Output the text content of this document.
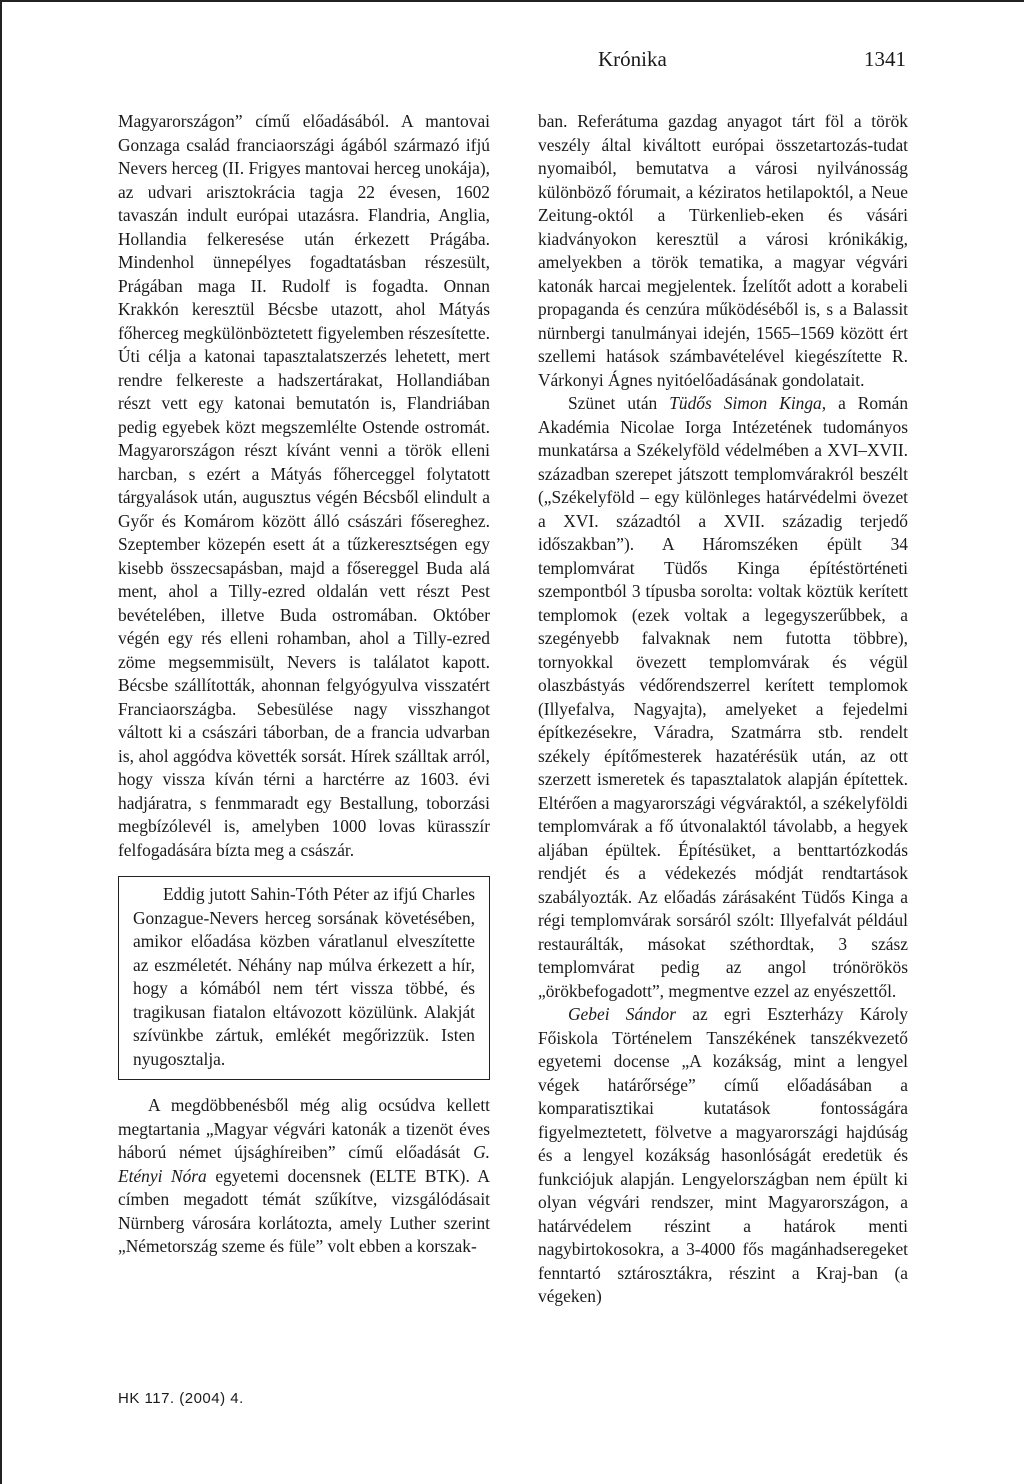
Krónika	1341

Magyarországon” című előadásából. A mantovai Gonzaga család franciaországi ágából származó ifjú Nevers herceg (II. Frigyes mantovai herceg unokája), az udvari arisztokrácia tagja 22 évesen, 1602 tavaszán indult európai utazásra. Flandria, Anglia, Hollandia felkeresése után érkezett Prágába. Mindenhol ünnepélyes fogadtatásban részesült, Prágában maga II. Rudolf is fogadta. Onnan Krakkón keresztül Bécsbe utazott, ahol Mátyás főherceg megkülönböztetett figyelemben részesítette. Úti célja a katonai tapasztalatszerzés lehetett, mert rendre felkereste a hadszertárakat, Hollandiában részt vett egy katonai bemutatón is, Flandriában pedig egyebek közt megszemlélte Ostende ostromát. Magyarországon részt kívánt venni a török elleni harcban, s ezért a Mátyás főherceggel folytatott tárgyalások után, augusztus végén Bécsből elindult a Győr és Komárom között álló császári fősereghez. Szeptember közepén esett át a tűzkeresztségen egy kisebb összecsapásban, majd a fősereggel Buda alá ment, ahol a Tilly-ezred oldalán vett részt Pest bevételében, illetve Buda ostromában. Október végén egy rés elleni rohamban, ahol a Tilly-ezred zöme megsemmisült, Nevers is találatot kapott. Bécsbe szállították, ahonnan felgyógyulva visszatért Franciaországba. Sebesülése nagy visszhangot váltott ki a császári táborban, de a francia udvarban is, ahol aggódva követték sorsát. Hírek szálltak arról, hogy vissza kíván térni a harctérre az 1603. évi hadjáratra, s fenmmaradt egy Bestallung, toborzási megbízólevél is, amelyben 1000 lovas kürasszír felfogadására bízta meg a császár.

Eddig jutott Sahin-Tóth Péter az ifjú Charles Gonzague-Nevers herceg sorsának követésében, amikor előadása közben váratlanul elveszítette az eszméletét. Néhány nap múlva érkezett a hír, hogy a kómából nem tért vissza többé, és tragikusan fiatalon eltávozott közülünk. Alakját szívünkbe zártuk, emlékét megőrizzük. Isten nyugosztalja.

A megdöbbenésből még alig ocsúdva kellett megtartania „Magyar végvári katonák a tizenöt éves háború német újsághíreiben” című előadását G. Etényi Nóra egyetemi docensnek (ELTE BTK). A címben megadott témát szűkítve, vizsgálódásait Nürnberg városára korlátozta, amely Luther szerint „Németország szeme és füle” volt ebben a korszak-

ban. Referátuma gazdag anyagot tárt föl a török veszély által kiváltott európai összetartozás-tudat nyomaiból, bemutatva a városi nyilvánosság különböző fórumait, a kéziratos hetilapoktól, a Neue Zeitung-októl a Türkenlieb-eken és vásári kiadványokon keresztül a városi krónikákig, amelyekben a török tematika, a magyar végvári katonák harcai megjelentek. Ízelítőt adott a korabeli propaganda és cenzúra működéséből is, s a Balassit nürnbergi tanulmányai idején, 1565–1569 között ért szellemi hatások számbavételével kiegészítette R. Várkonyi Ágnes nyitóelőadásának gondolatait.

Szünet után Tüdős Simon Kinga, a Román Akadémia Nicolae Iorga Intézetének tudományos munkatársa a Székelyföld védelmében a XVI–XVII. században szerepet játszott templomvárakról beszélt („Székelyföld – egy különleges határvédelmi övezet a XVI. századtól a XVII. századig terjedő időszakban”). A Háromszéken épült 34 templomvárat Tüdős Kinga építéstörténeti szempontból 3 típusba sorolta: voltak köztük kerített templomok (ezek voltak a legegyszerűbbek, a szegényebb falvaknak nem futotta többre), tornyokkal övezett templomvárak és végül olaszbástyás védőrendszerrel kerített templomok (Illyefalva, Nagyajta), amelyeket a fejedelmi építkezésekre, Váradra, Szatmárra stb. rendelt székely építőmesterek hazatérésük után, az ott szerzett ismeretek és tapasztalatok alapján építettek. Eltérően a magyarországi végváraktól, a székelyföldi templomvárak a fő útvonalaktól távolabb, a hegyek aljában épültek. Építésüket, a benttartózkodás rendjét és a védekezés módját rendtartások szabályozták. Az előadás zárásaként Tüdős Kinga a régi templomvárak sorsáról szólt: Illyefalvát például restaurálták, másokat széthordtak, 3 szász templomvárat pedig az angol trónörökös „örökbefogadott”, megmentve ezzel az enyészettől.

Gebei Sándor az egri Eszterházy Károly Főiskola Történelem Tanszékének tanszékvezető egyetemi docense „A kozákság, mint a lengyel végek határőrsége” című előadásában a komparatisztikai kutatások fontosságára figyelmeztetett, fölvetve a magyarországi hajdúság és a lengyel kozákság hasonlóságát eredetük és funkciójuk alapján. Lengyelországban nem épült ki olyan végvári rendszer, mint Magyarországon, a határvédelem részint a határok menti nagybirtokosokra, a 3-4000 fős magánhadseregeket fenntartó sztárosztákra, részint a Kraj-ban (a végeken)

HK 117. (2004) 4.
